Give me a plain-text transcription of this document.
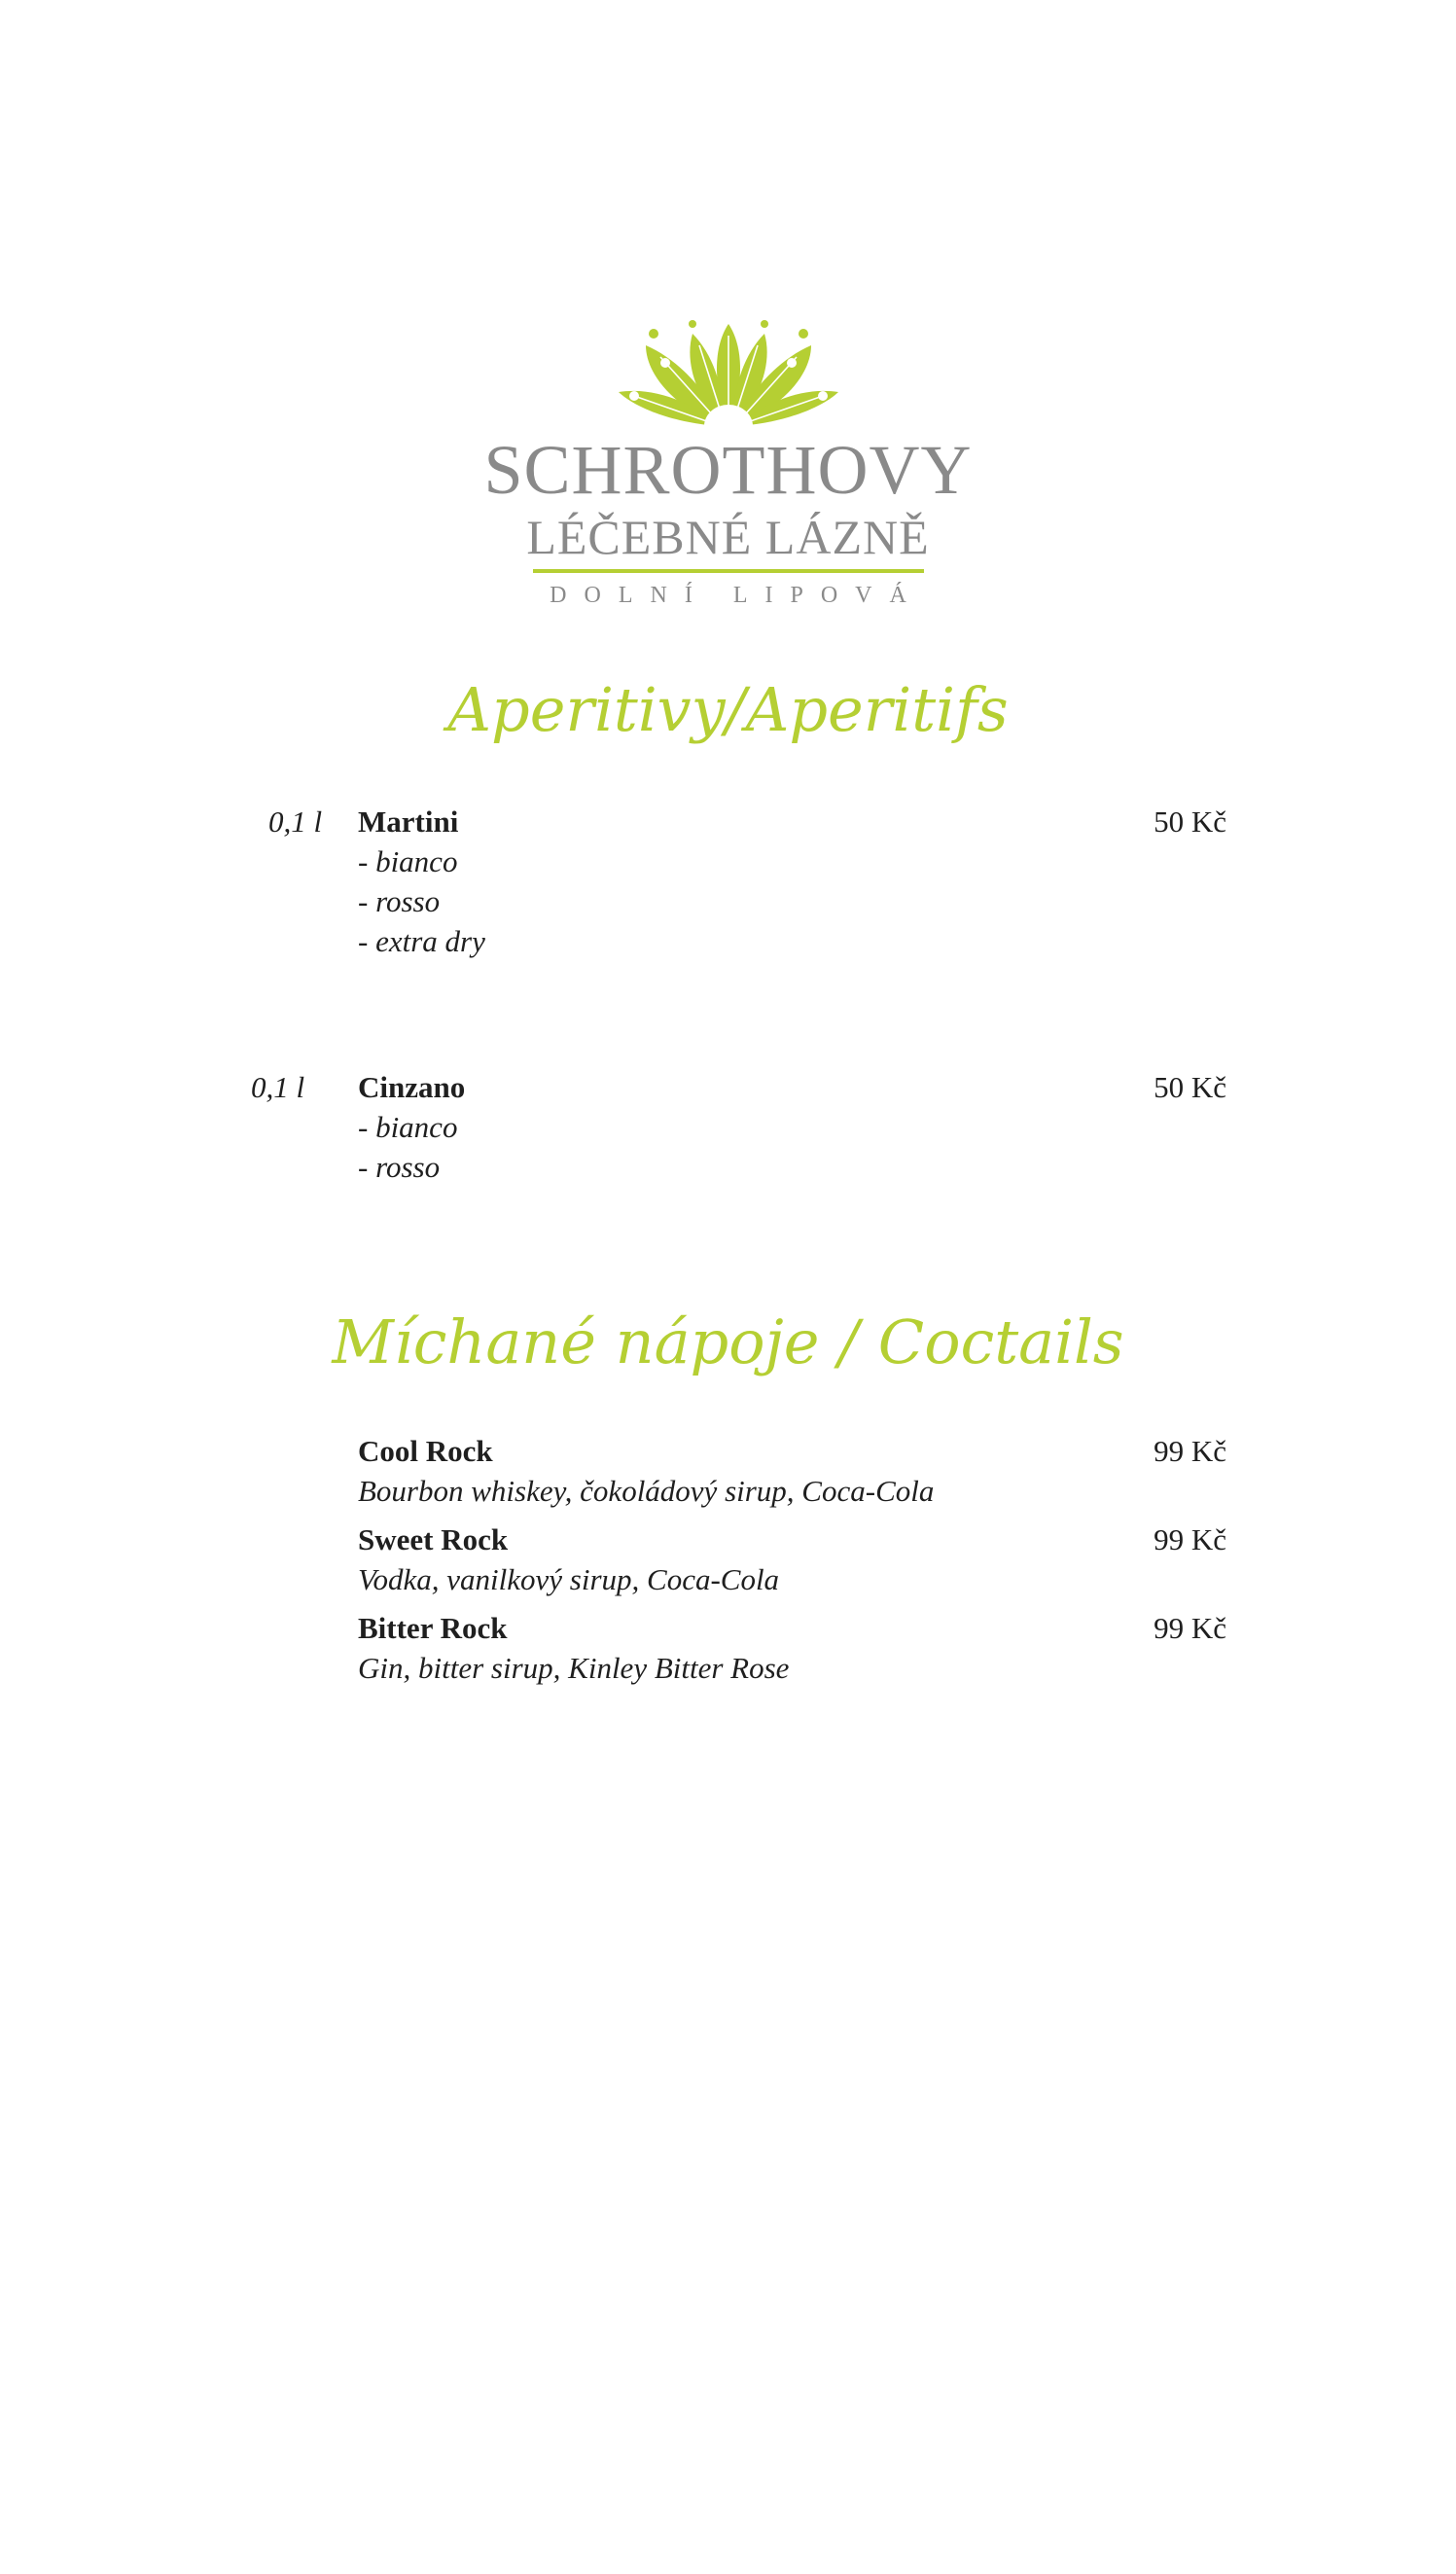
SCHROTHOVY
LÉČEBNÉ LÁZNĚ
DOLNÍ LIPOVÁ
Aperitivy/Aperitifs
0,1 l Martini	50 Kč
- bianco
- rosso
- extra dry
0,1 l Cinzano	50 Kč
- bianco
- rosso
Míchané nápoje / Coctails
Cool Rock	99 Kč
Bourbon whiskey, čokoládový sirup, Coca-Cola
Sweet Rock	99 Kč
Vodka, vanilkový sirup, Coca-Cola
Bitter Rock	99 Kč
Gin, bitter sirup, Kinley Bitter Rose
